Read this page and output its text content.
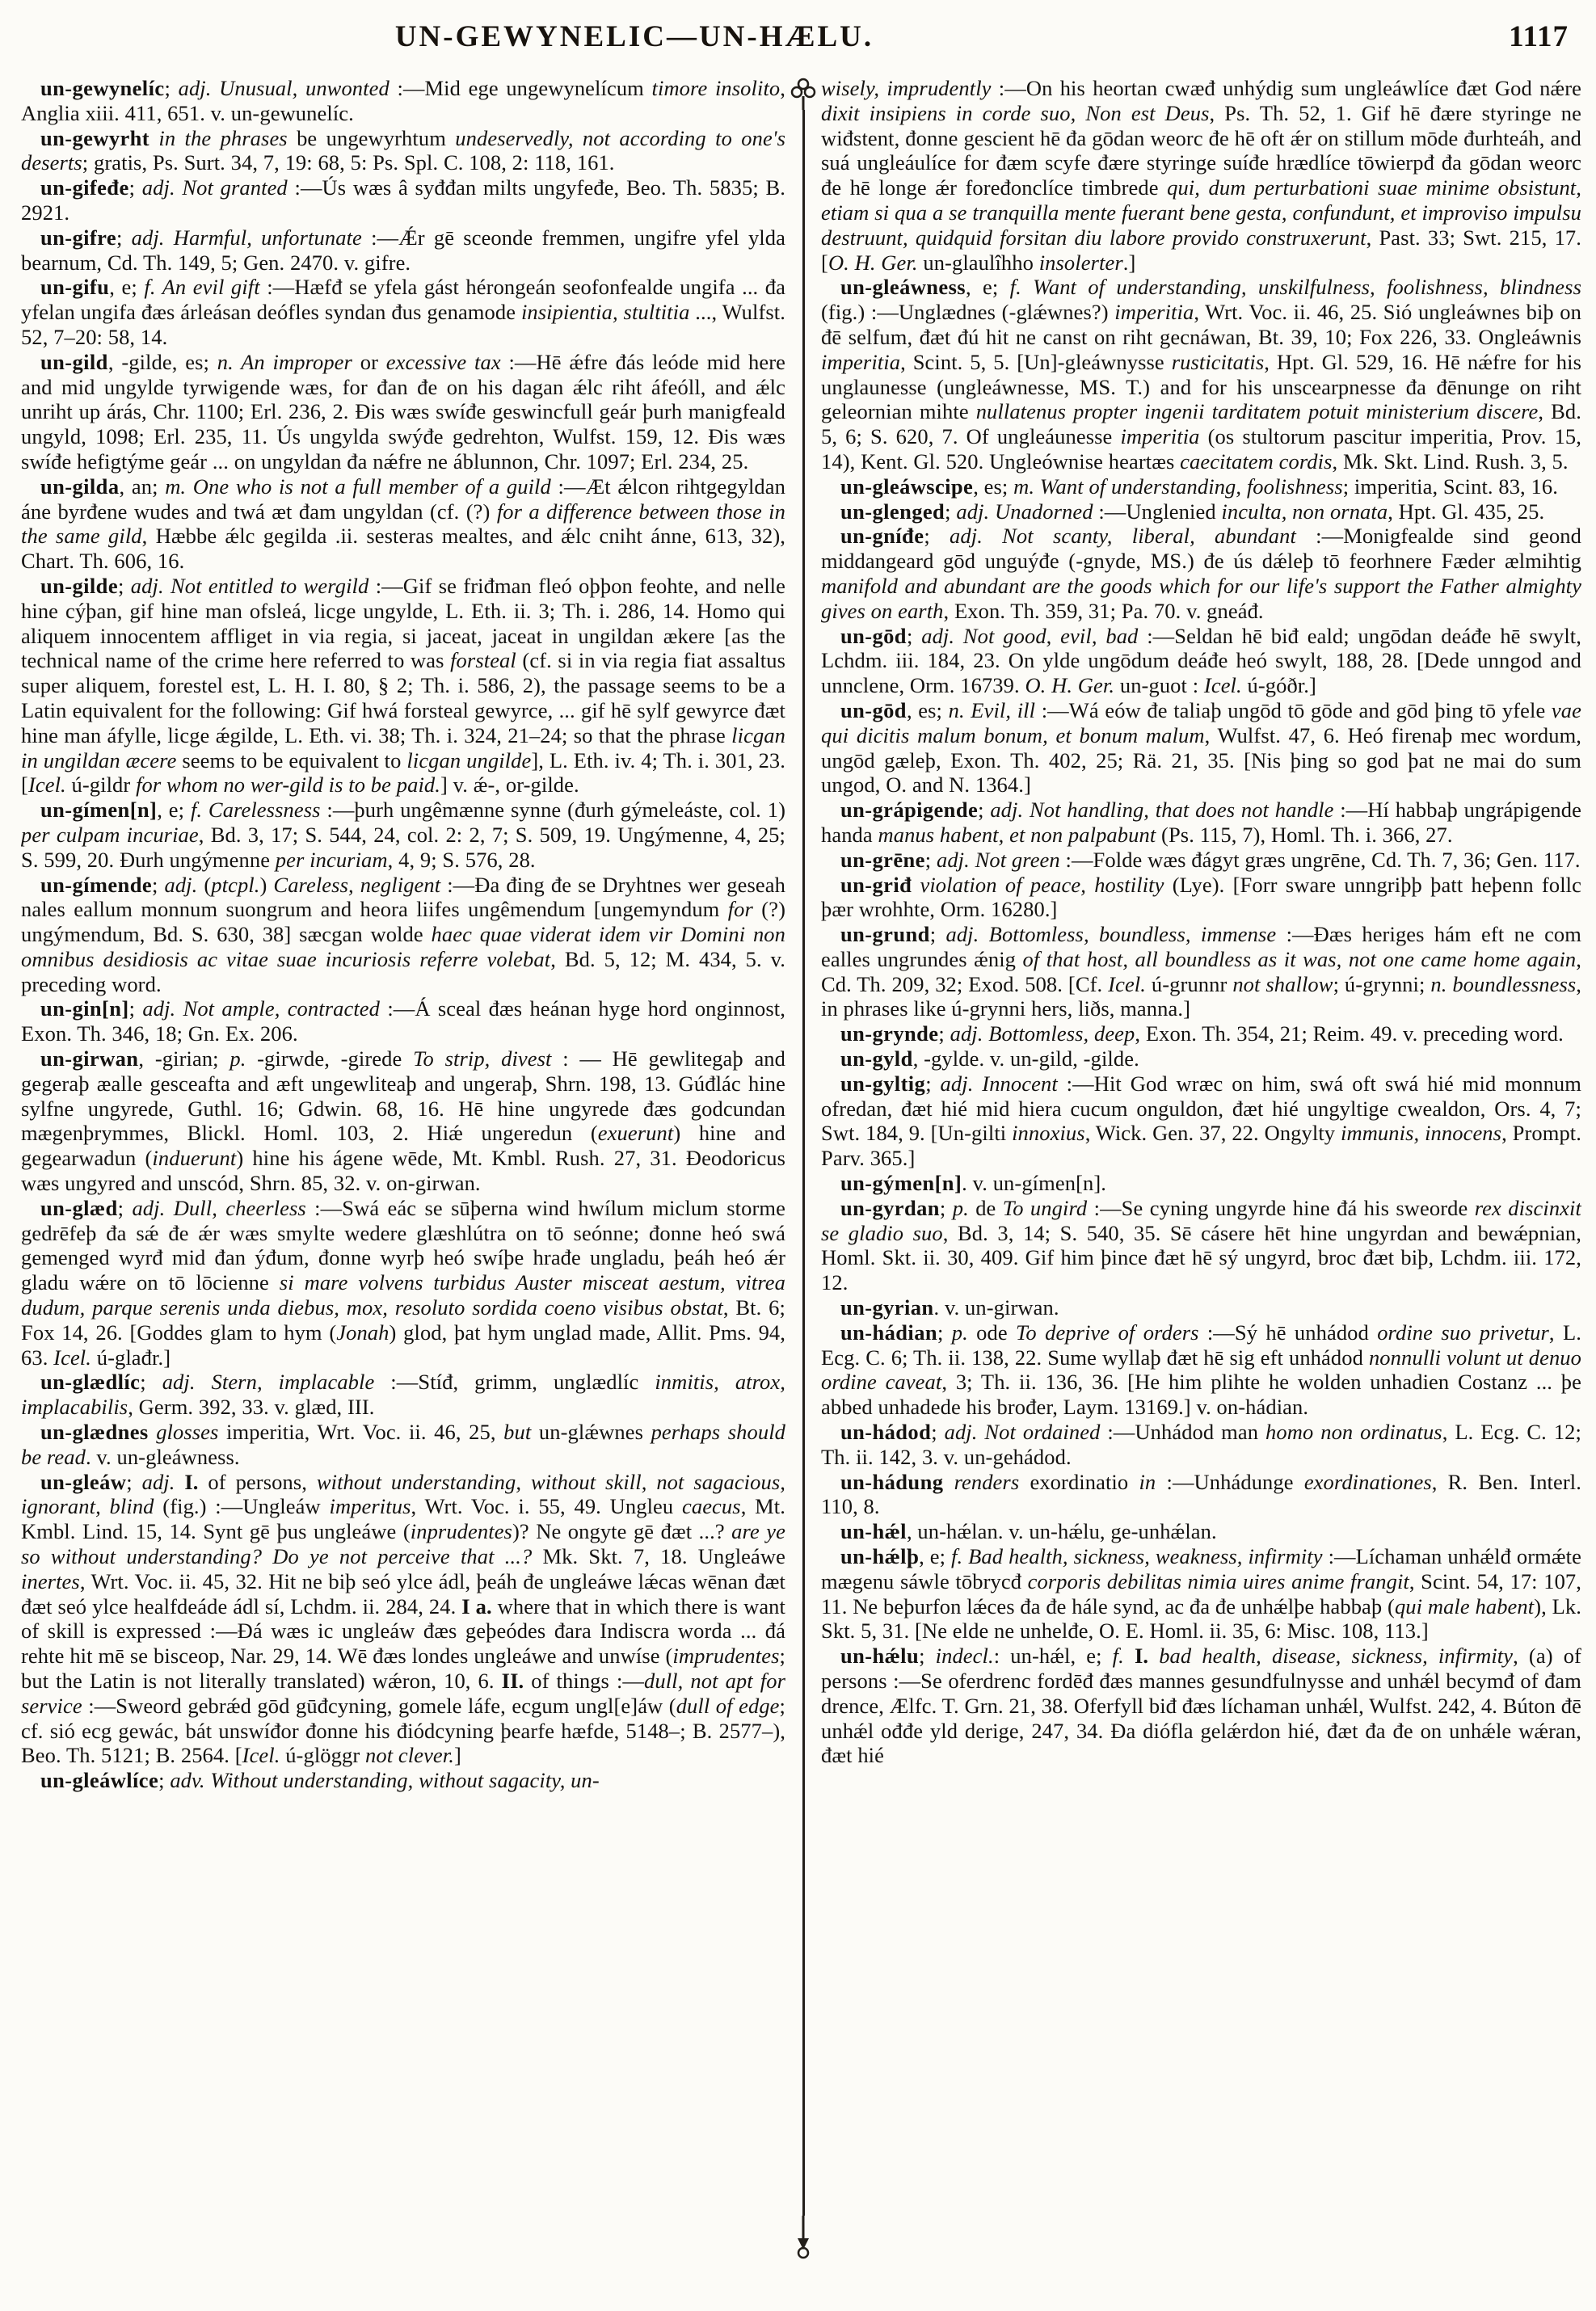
UN-GEWYNELIC—UN-HÆLU.	1117

un-gewynelíc; adj. Unusual, unwonted :—Mid ege ungewynelícum timore insolito, Anglia xiii. 411, 651. v. un-gewunelíc.

un-gewyrht in the phrases be ungewyrhtum undeservedly, not according to one's deserts; gratis, Ps. Surt. 34, 7, 19: 68, 5: Ps. Spl. C. 108, 2: 118, 161.

un-gifeđe; adj. Not granted :—Ús wæs â syđđan milts ungyfeđe, Beo. Th. 5835; B. 2921.

un-gifre; adj. Harmful, unfortunate :—Ǽr gē sceonde fremmen, ungifre yfel ylda bearnum, Cd. Th. 149, 5; Gen. 2470. v. gifre.

un-gifu, e; f. An evil gift :—Hæfđ se yfela gást hérongeán seofonfealde ungifa ... đa yfelan ungifa đæs árleásan deófles syndan đus genamode insipientia, stultitia ..., Wulfst. 52, 7–20: 58, 14.

un-gild, -gilde, es; n. An improper or excessive tax :—Hē ǽfre đás leóde mid here and mid ungylde tyrwigende wæs, for đan đe on his dagan ǽlc riht áfeóll, and ǽlc unriht up árás, Chr. 1100; Erl. 236, 2. Đis wæs swíđe geswincfull geár þurh manigfeald ungyld, 1098; Erl. 235, 11. Ús ungylda swýđe gedrehton, Wulfst. 159, 12. Đis wæs swíđe hefigtýme geár ... on ungyldan đa nǽfre ne áblunnon, Chr. 1097; Erl. 234, 25.

un-gilda, an; m. One who is not a full member of a guild :—Æt ǽlcon rihtgegyldan áne byrđene wudes and twá æt đam ungyldan (cf. (?) for a difference between those in the same gild, Hæbbe ǽlc gegilda .ii. sesteras mealtes, and ǽlc cniht ánne, 613, 32), Chart. Th. 606, 16.

un-gilde; adj. Not entitled to wergild :—Gif se friđman fleó oþþon feohte, and nelle hine cýþan, gif hine man ofsleá, licge ungylde, L. Eth. ii. 3; Th. i. 286, 14. Homo qui aliquem innocentem affliget in via regia, si jaceat, jaceat in ungildan ækere [as the technical name of the crime here referred to was forsteal (cf. si in via regia fiat assaltus super aliquem, forestel est, L. H. I. 80, § 2; Th. i. 586, 2), the passage seems to be a Latin equivalent for the following: Gif hwá forsteal gewyrce, ... gif hē sylf gewyrce đæt hine man áfylle, licge ǽgilde, L. Eth. vi. 38; Th. i. 324, 21–24; so that the phrase licgan in ungildan æcere seems to be equivalent to licgan ungilde], L. Eth. iv. 4; Th. i. 301, 23. [Icel. ú-gildr for whom no wer-gild is to be paid.] v. ǽ-, or-gilde.

un-gímen[n], e; f. Carelessness :—þurh ungêmænne synne (đurh gýmeleáste, col. 1) per culpam incuriae, Bd. 3, 17; S. 544, 24, col. 2: 2, 7; S. 509, 19. Ungýmenne, 4, 25; S. 599, 20. Đurh ungýmenne per incuriam, 4, 9; S. 576, 28.

un-gímende; adj. (ptcpl.) Careless, negligent :—Đa đing đe se Dryhtnes wer geseah nales eallum monnum suongrum and heora liifes ungêmendum [ungemyndum for (?) ungýmendum, Bd. S. 630, 38] sæcgan wolde haec quae viderat idem vir Domini non omnibus desidiosis ac vitae suae incuriosis referre volebat, Bd. 5, 12; M. 434, 5. v. preceding word.

un-gin[n]; adj. Not ample, contracted :—Á sceal đæs heánan hyge hord onginnost, Exon. Th. 346, 18; Gn. Ex. 206.

un-girwan, -girian; p. -girwde, -girede To strip, divest : — Hē gewlitegaþ and gegeraþ æalle gesceafta and æft ungewliteaþ and ungeraþ, Shrn. 198, 13. Gúđlác hine sylfne ungyrede, Guthl. 16; Gdwin. 68, 16. Hē hine ungyrede đæs godcundan mægenþrymmes, Blickl. Homl. 103, 2. Hiǽ ungeredun (exuerunt) hine and gegearwadun (induerunt) hine his ágene wēde, Mt. Kmbl. Rush. 27, 31. Đeodoricus wæs ungyred and unscód, Shrn. 85, 32. v. on-girwan.

un-glæd; adj. Dull, cheerless :—Swá eác se sūþerna wind hwílum miclum storme gedrēfeþ đa sǽ đe ǽr wæs smylte wedere glæshlútra on tō seónne; đonne heó swá gemenged wyrđ mid đan ýđum, đonne wyrþ heó swíþe hrađe ungladu, þeáh heó ǽr gladu wǽre on tō lōcienne si mare volvens turbidus Auster misceat aestum, vitrea dudum, parque serenis unda diebus, mox, resoluto sordida coeno visibus obstat, Bt. 6; Fox 14, 26. [Goddes glam to hym (Jonah) glod, þat hym unglad made, Allit. Pms. 94, 63. Icel. ú-glađr.]

un-glædlíc; adj. Stern, implacable :—Stíđ, grimm, unglædlíc inmitis, atrox, implacabilis, Germ. 392, 33. v. glæd, III.

un-glædnes glosses imperitia, Wrt. Voc. ii. 46, 25, but un-glǽwnes perhaps should be read. v. un-gleáwness.

un-gleáw; adj. I. of persons, without understanding, without skill, not sagacious, ignorant, blind (fig.) :—Ungleáw imperitus, Wrt. Voc. i. 55, 49. Ungleu caecus, Mt. Kmbl. Lind. 15, 14. Synt gē þus ungleáwe (inprudentes)? Ne ongyte gē đæt ...? are ye so without understanding? Do ye not perceive that ...? Mk. Skt. 7, 18. Ungleáwe inertes, Wrt. Voc. ii. 45, 32. Hit ne biþ seó ylce ádl, þeáh đe ungleáwe lǽcas wēnan đæt đæt seó ylce healfdeáde ádl sí, Lchdm. ii. 284, 24. I a. where that in which there is want of skill is expressed :—Đá wæs ic ungleáw đæs geþeódes đara Indiscra worda ... đá rehte hit mē se bisceop, Nar. 29, 14. Wē đæs londes ungleáwe and unwíse (imprudentes; but the Latin is not literally translated) wǽron, 10, 6. II. of things :—dull, not apt for service :—Sweord gebrǽd gōd gūđcyning, gomele láfe, ecgum ungl[e]áw (dull of edge; cf. sió ecg gewác, bát unswíđor đonne his điódcyning þearfe hæfde, 5148–; B. 2577–), Beo. Th. 5121; B. 2564. [Icel. ú-glöggr not clever.]

un-gleáwlíce; adv. Without understanding, without sagacity, un-

wisely, imprudently :—On his heortan cwæđ unhýdig sum ungleáwlíce đæt God nǽre dixit insipiens in corde suo, Non est Deus, Ps. Th. 52, 1. Gif hē đære styringe ne wiđstent, đonne gescient hē đa gōdan weorc đe hē oft ǽr on stillum mōde đurhteáh, and suá ungleáulíce for đæm scyfe đære styringe suíđe hrædlíce tōwierpđ đa gōdan weorc đe hē longe ǽr foređonclíce timbrede qui, dum perturbationi suae minime obsistunt, etiam si qua a se tranquilla mente fuerant bene gesta, confundunt, et improviso impulsu destruunt, quidquid forsitan diu labore provido construxerunt, Past. 33; Swt. 215, 17. [O. H. Ger. un-glaulîhho insolerter.]

un-gleáwness, e; f. Want of understanding, unskilfulness, foolishness, blindness (fig.) :—Unglædnes (-glǽwnes?) imperitia, Wrt. Voc. ii. 46, 25. Sió ungleáwnes biþ on đē selfum, đæt đú hit ne canst on riht gecnáwan, Bt. 39, 10; Fox 226, 33. Ongleáwnis imperitia, Scint. 5, 5. [Un]-gleáwnysse rusticitatis, Hpt. Gl. 529, 16. Hē nǽfre for his unglaunesse (ungleáwnesse, MS. T.) and for his unscearpnesse đa đēnunge on riht geleornian mihte nullatenus propter ingenii tarditatem potuit ministerium discere, Bd. 5, 6; S. 620, 7. Of ungleáunesse imperitia (os stultorum pascitur imperitia, Prov. 15, 14), Kent. Gl. 520. Ungleównise heartæs caecitatem cordis, Mk. Skt. Lind. Rush. 3, 5.

un-gleáwscipe, es; m. Want of understanding, foolishness; imperitia, Scint. 83, 16.

un-glenged; adj. Unadorned :—Unglenied inculta, non ornata, Hpt. Gl. 435, 25.

un-gníđe; adj. Not scanty, liberal, abundant :—Monigfealde sind geond middangeard gōd unguýđe (-gnyde, MS.) đe ús dǽleþ tō feorhnere Fæder ælmihtig manifold and abundant are the goods which for our life's support the Father almighty gives on earth, Exon. Th. 359, 31; Pa. 70. v. gneáđ.

un-gōd; adj. Not good, evil, bad :—Seldan hē biđ eald; ungōdan deáđe hē swylt, Lchdm. iii. 184, 23. On ylde ungōdum deáđe heó swylt, 188, 28. [Dede unngod and unnclene, Orm. 16739. O. H. Ger. un-guot : Icel. ú-góðr.]

un-gōd, es; n. Evil, ill :—Wá eów đe taliaþ ungōd tō gōde and gōd þing tō yfele vae qui dicitis malum bonum, et bonum malum, Wulfst. 47, 6. Heó firenaþ mec wordum, ungōd gæleþ, Exon. Th. 402, 25; Rä. 21, 35. [Nis þing so god þat ne mai do sum ungod, O. and N. 1364.]

un-grápigende; adj. Not handling, that does not handle :—Hí habbaþ ungrápigende handa manus habent, et non palpabunt (Ps. 115, 7), Homl. Th. i. 366, 27.

un-grēne; adj. Not green :—Folde wæs đágyt græs ungrēne, Cd. Th. 7, 36; Gen. 117.

un-griđ violation of peace, hostility (Lye). [Forr sware unngriþþ þatt heþenn follc þær wrohhte, Orm. 16280.]

un-grund; adj. Bottomless, boundless, immense :—Đæs heriges hám eft ne com ealles ungrundes ǽnig of that host, all boundless as it was, not one came home again, Cd. Th. 209, 32; Exod. 508. [Cf. Icel. ú-grunnr not shallow; ú-grynni; n. boundlessness, in phrases like ú-grynni hers, liðs, manna.]

un-grynde; adj. Bottomless, deep, Exon. Th. 354, 21; Reim. 49. v. preceding word.

un-gyld, -gylde. v. un-gild, -gilde.

un-gyltig; adj. Innocent :—Hit God wræc on him, swá oft swá hié mid monnum ofredan, đæt hié mid hiera cucum onguldon, đæt hié ungyltige cwealdon, Ors. 4, 7; Swt. 184, 9. [Un-gilti innoxius, Wick. Gen. 37, 22. Ongylty immunis, innocens, Prompt. Parv. 365.]

un-gýmen[n]. v. un-gímen[n].

un-gyrdan; p. de To ungird :—Se cyning ungyrde hine đá his sweorde rex discinxit se gladio suo, Bd. 3, 14; S. 540, 35. Sē cásere hēt hine ungyrdan and bewǽpnian, Homl. Skt. ii. 30, 409. Gif him þince đæt hē sý ungyrd, broc đæt biþ, Lchdm. iii. 172, 12.

un-gyrian. v. un-girwan.

un-hádian; p. ode To deprive of orders :—Sý hē unhádod ordine suo privetur, L. Ecg. C. 6; Th. ii. 138, 22. Sume wyllaþ đæt hē sig eft unhádod nonnulli volunt ut denuo ordine caveat, 3; Th. ii. 136, 36. [He him plihte he wolden unhadien Costanz ... þe abbed unhadede his brođer, Laym. 13169.] v. on-hádian.

un-hádod; adj. Not ordained :—Unhádod man homo non ordinatus, L. Ecg. C. 12; Th. ii. 142, 3. v. un-gehádod.

un-hádung renders exordinatio in :—Unhádunge exordinationes, R. Ben. Interl. 110, 8.

un-hǽl, un-hǽlan. v. un-hǽlu, ge-unhǽlan.

un-hǽlþ, e; f. Bad health, sickness, weakness, infirmity :—Líchaman unhǽlđ ormǽte mægenu sáwle tōbrycđ corporis debilitas nimia uires anime frangit, Scint. 54, 17: 107, 11. Ne beþurfon lǽces đa đe hále synd, ac đa đe unhǽlþe habbaþ (qui male habent), Lk. Skt. 5, 31. [Ne elde ne unhelđe, O. E. Homl. ii. 35, 6: Misc. 108, 113.]

un-hǽlu; indecl.: un-hǽl, e; f. I. bad health, disease, sickness, infirmity, (a) of persons :—Se oferdrenc fordēđ đæs mannes gesundfulnysse and unhǽl becymđ of đam drence, Ælfc. T. Grn. 21, 38. Oferfyll biđ đæs líchaman unhǽl, Wulfst. 242, 4. Búton đē unhǽl ođđe yld derige, 247, 34. Đa diófla gelǽrdon hié, đæt đa đe on unhǽle wǽran, đæt hié
